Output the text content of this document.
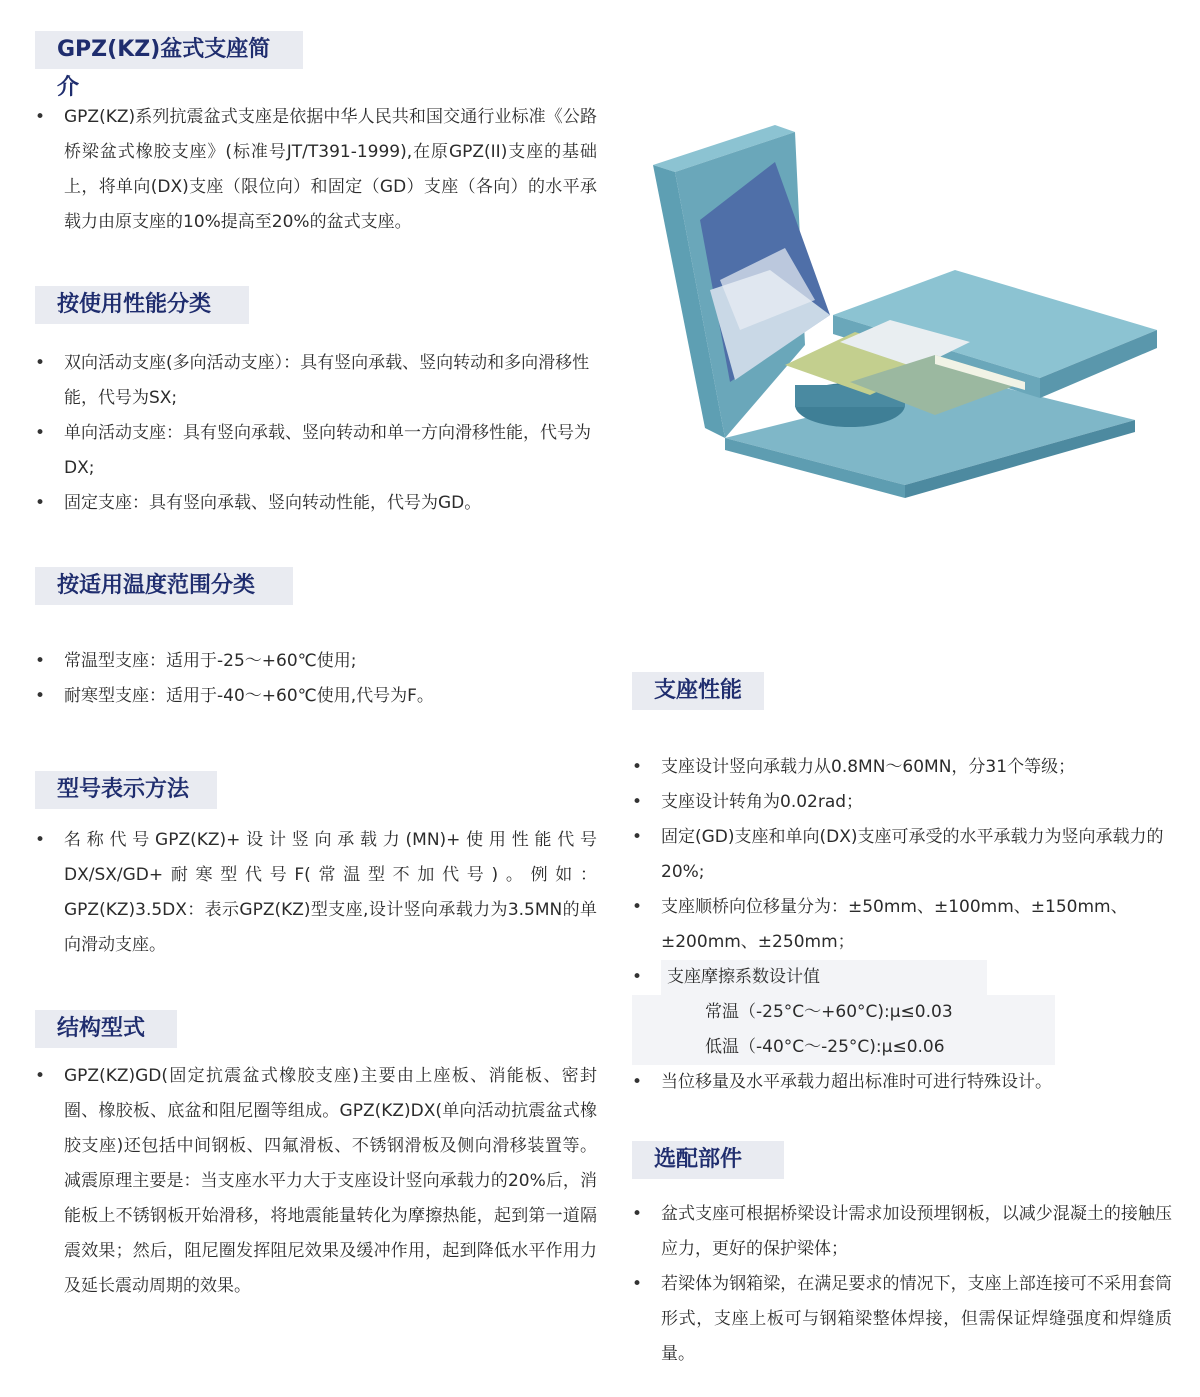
GPZ(KZ)盆式支座简介
• GPZ(KZ)系列抗震盆式支座是依据中华人民共和国交通行业标准《公路桥梁盆式橡胶支座》(标准号JT/T391-1999),在原GPZ(II)支座的基础上，将单向(DX)支座（限位向）和固定（GD）支座（各向）的水平承载力由原支座的10%提高至20%的盆式支座。
按使用性能分类
• 双向活动支座(多向活动支座）：具有竖向承载、竖向转动和多向滑移性能，代号为SX;
• 单向活动支座：具有竖向承载、竖向转动和单一方向滑移性能，代号为DX;
• 固定支座：具有竖向承载、竖向转动性能，代号为GD。
按适用温度范围分类
• 常温型支座：适用于-25～+60℃使用;
• 耐寒型支座：适用于-40～+60℃使用,代号为F。
型号表示方法
• 名称代号GPZ(KZ)+设计竖向承载力(MN)+使用性能代号DX/SX/GD+耐寒型代号F(常温型不加代号)。例如：GPZ(KZ)3.5DX：表示GPZ(KZ)型支座,设计竖向承载力为3.5MN的单向滑动支座。
结构型式
• GPZ(KZ)GD(固定抗震盆式橡胶支座)主要由上座板、消能板、密封圈、橡胶板、底盆和阻尼圈等组成。GPZ(KZ)DX(单向活动抗震盆式橡胶支座)还包括中间钢板、四氟滑板、不锈钢滑板及侧向滑移装置等。减震原理主要是：当支座水平力大于支座设计竖向承载力的20%后，消能板上不锈钢板开始滑移，将地震能量转化为摩擦热能，起到第一道隔震效果；然后，阻尼圈发挥阻尼效果及缓冲作用，起到降低水平作用力及延长震动周期的效果。
支座性能
• 支座设计竖向承载力从0.8MN～60MN，分31个等级；
• 支座设计转角为0.02rad；
• 固定(GD)支座和单向(DX)支座可承受的水平承载力为竖向承载力的20%;
• 支座顺桥向位移量分为：±50mm、±100mm、±150mm、±200mm、±250mm；
• 支座摩擦系数设计值
常温（-25°C～+60°C):μ≤0.03
低温（-40°C～-25°C):μ≤0.06
• 当位移量及水平承载力超出标准时可进行特殊设计。
选配部件
• 盆式支座可根据桥梁设计需求加设预埋钢板，以减少混凝土的接触压应力，更好的保护梁体；
• 若梁体为钢箱梁，在满足要求的情况下，支座上部连接可不采用套筒形式，支座上板可与钢箱梁整体焊接，但需保证焊缝强度和焊缝质量。
